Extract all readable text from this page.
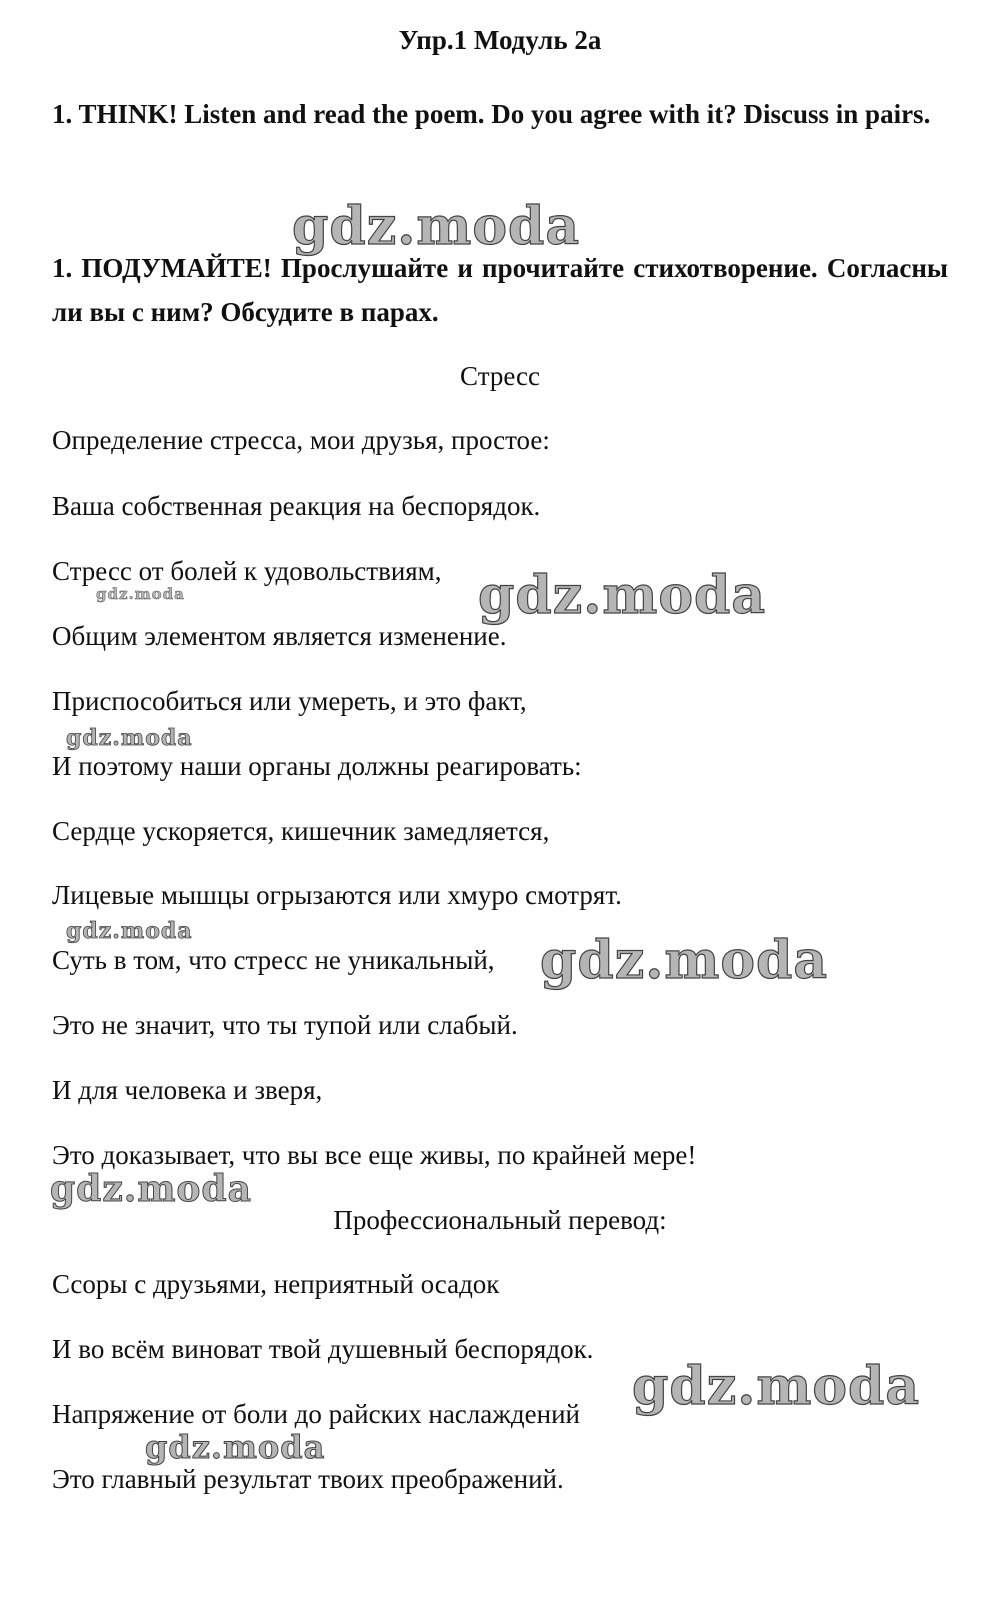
Упр.1 Модуль 2а
1. THINK! Listen and read the poem. Do you agree with it? Discuss in pairs.
1. ПОДУМАЙТЕ! Прослушайте и прочитайте стихотворение. Согласны ли вы с ним? Обсудите в парах.
Стресс
Определение стресса, мои друзья, простое:
Ваша собственная реакция на беспорядок.
Стресс от болей к удовольствиям,
Общим элементом является изменение.
Приспособиться или умереть, и это факт,
И поэтому наши органы должны реагировать:
Сердце ускоряется, кишечник замедляется,
Лицевые мышцы огрызаются или хмуро смотрят.
Суть в том, что стресс не уникальный,
Это не значит, что ты тупой или слабый.
И для человека и зверя,
Это доказывает, что вы все еще живы, по крайней мере!
Профессиональный перевод:
Ссоры с друзьями, неприятный осадок
И во всём виноват твой душевный беспорядок.
Напряжение от боли до райских наслаждений
Это главный результат твоих преображений.
gdz.moda
gdz.moda
gdz.moda
gdz.moda
gdz.moda	gdz.moda
gdz.moda
gdz.moda
gdz.moda
